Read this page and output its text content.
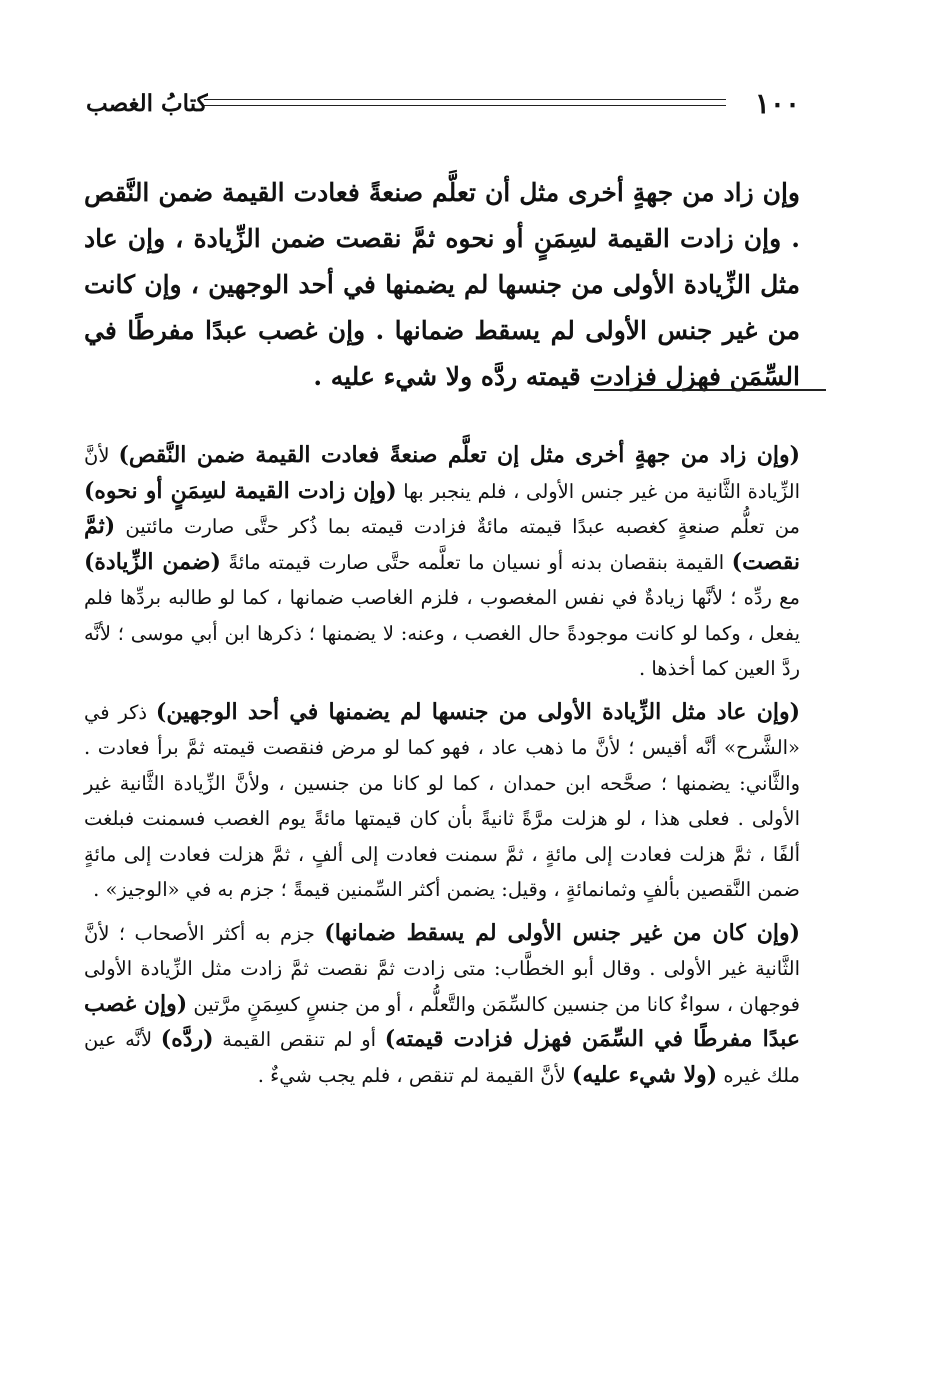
١٠٠
كتابُ الغصب

وإن زاد من جهةٍ أخرى مثل أن تعلَّم صنعةً فعادت القيمة ضمن النَّقص . وإن زادت القيمة لسِمَنٍ أو نحوه ثمَّ نقصت ضمن الزِّيادة ، وإن عاد مثل الزِّيادة الأولى من جنسها لم يضمنها في أحد الوجهين ، وإن كانت من غير جنس الأولى لم يسقط ضمانها . وإن غصب عبدًا مفرطًا في السِّمَن فهزل فزادت قيمته ردَّه ولا شيء عليه .

(وإن زاد من جهةٍ أخرى مثل إن تعلَّم صنعةً فعادت القيمة ضمن النَّقص) لأنَّ الزِّيادة الثَّانية من غير جنس الأولى ، فلم ينجبر بها (وإن زادت القيمة لسِمَنٍ أو نحوه) من تعلُّم صنعةٍ كغصبه عبدًا قيمته مائةٌ فزادت قيمته بما ذُكر حتَّى صارت مائتين (ثمَّ نقصت) القيمة بنقصان بدنه أو نسيان ما تعلَّمه حتَّى صارت قيمته مائةً (ضمن الزِّيادة) مع ردِّه ؛ لأنَّها زيادةٌ في نفس المغصوب ، فلزم الغاصب ضمانها ، كما لو طالبه بردِّها فلم يفعل ، وكما لو كانت موجودةً حال الغصب ، وعنه: لا يضمنها ؛ ذكرها ابن أبي موسى ؛ لأنَّه ردَّ العين كما أخذها .

(وإن عاد مثل الزِّيادة الأولى من جنسها لم يضمنها في أحد الوجهين) ذكر في «الشَّرح» أنَّه أقيس ؛ لأنَّ ما ذهب عاد ، فهو كما لو مرض فنقصت قيمته ثمَّ برأ فعادت . والثَّاني: يضمنها ؛ صحَّحه ابن حمدان ، كما لو كانا من جنسين ، ولأنَّ الزِّيادة الثَّانية غير الأولى . فعلى هذا ، لو هزلت مرَّةً ثانيةً بأن كان قيمتها مائةً يوم الغصب فسمنت فبلغت ألفًا ، ثمَّ هزلت فعادت إلى مائةٍ ، ثمَّ سمنت فعادت إلى ألفٍ ، ثمَّ هزلت فعادت إلى مائةٍ ضمن النَّقصين بألفٍ وثمانمائةٍ ، وقيل: يضمن أكثر السِّمنين قيمةً ؛ جزم به في «الوجيز» .

(وإن كان من غير جنس الأولى لم يسقط ضمانها) جزم به أكثر الأصحاب ؛ لأنَّ الثَّانية غير الأولى . وقال أبو الخطَّاب: متى زادت ثمَّ نقصت ثمَّ زادت مثل الزِّيادة الأولى فوجهان ، سواءٌ كانا من جنسين كالسِّمَن والتَّعلُّم ، أو من جنسٍ كسِمَنٍ مرَّتين (وإن غصب عبدًا مفرطًا في السِّمَن فهزل فزادت قيمته) أو لم تنقص القيمة (ردَّه) لأنَّه عين ملك غيره (ولا شيء عليه) لأنَّ القيمة لم تنقص ، فلم يجب شيءٌ .
